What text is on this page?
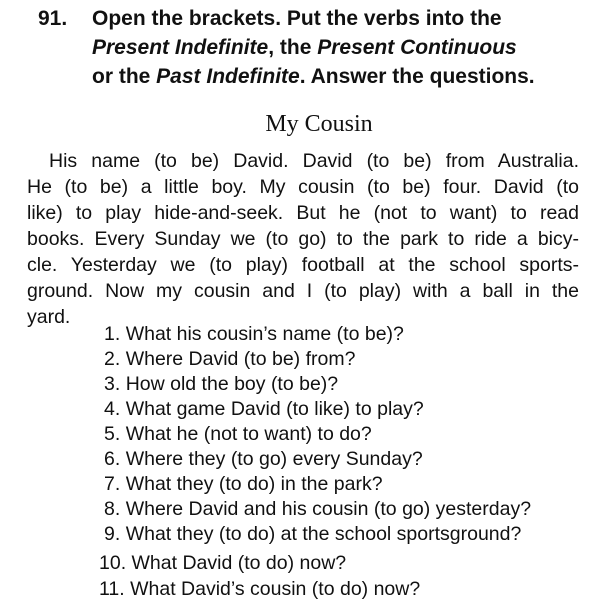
91. Open the brackets. Put the verbs into the
Present Indefinite, the Present Continuous
or the Past Indefinite. Answer the questions.
My Cousin
His name (to be) David. David (to be) from Australia.
He (to be) a little boy. My cousin (to be) four. David (to
like) to play hide-and-seek. But he (not to want) to read
books. Every Sunday we (to go) to the park to ride a bicy-
cle. Yesterday we (to play) football at the school sports-
ground. Now my cousin and I (to play) with a ball in the
yard.
1. What his cousin’s name (to be)?
2. Where David (to be) from?
3. How old the boy (to be)?
4. What game David (to like) to play?
5. What he (not to want) to do?
6. Where they (to go) every Sunday?
7. What they (to do) in the park?
8. Where David and his cousin (to go) yesterday?
9. What they (to do) at the school sportsground?
10. What David (to do) now?
11. What David’s cousin (to do) now?
